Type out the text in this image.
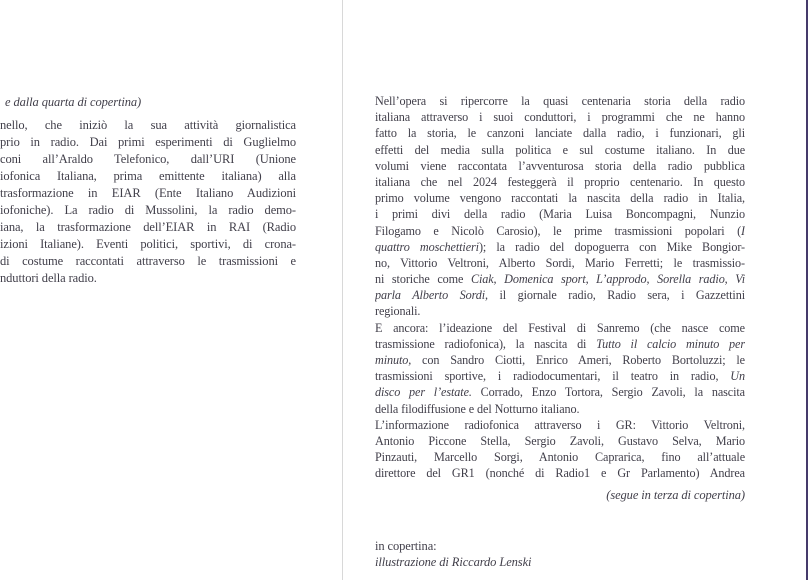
e dalla quarta di copertina)
nello, che iniziò la sua attività giornalistica
prio in radio. Dai primi esperimenti di Guglielmo
coni all’Araldo Telefonico, dall’URI (Unione
iofonica Italiana, prima emittente italiana) alla
trasformazione in EIAR (Ente Italiano Audizioni
iofoniche). La radio di Mussolini, la radio demo-
iana, la trasformazione dell’EIAR in RAI (Radio
izioni Italiane). Eventi politici, sportivi, di crona-
di costume raccontati attraverso le trasmissioni e
nduttori della radio.
Nell’opera si ripercorre la quasi centenaria storia della radio
italiana attraverso i suoi conduttori, i programmi che ne hanno
fatto la storia, le canzoni lanciate dalla radio, i funzionari, gli
effetti del media sulla politica e sul costume italiano. In due
volumi viene raccontata l’avventurosa storia della radio pubblica
italiana che nel 2024 festeggerà il proprio centenario. In questo
primo volume vengono raccontati la nascita della radio in Italia,
i primi divi della radio (Maria Luisa Boncompagni, Nunzio
Filogamo e Nicolò Carosio), le prime trasmissioni popolari (I
quattro moschettieri); la radio del dopoguerra con Mike Bongior-
no, Vittorio Veltroni, Alberto Sordi, Mario Ferretti; le trasmissio-
ni storiche come Ciak, Domenica sport, L’approdo, Sorella radio, Vi
parla Alberto Sordi, il giornale radio, Radio sera, i Gazzettini
regionali.
E ancora: l’ideazione del Festival di Sanremo (che nasce come
trasmissione radiofonica), la nascita di Tutto il calcio minuto per
minuto, con Sandro Ciotti, Enrico Ameri, Roberto Bortoluzzi; le
trasmissioni sportive, i radiodocumentari, il teatro in radio, Un
disco per l’estate. Corrado, Enzo Tortora, Sergio Zavoli, la nascita
della filodiffusione e del Notturno italiano.
L’informazione radiofonica attraverso i GR: Vittorio Veltroni,
Antonio Piccone Stella, Sergio Zavoli, Gustavo Selva, Mario
Pinzauti, Marcello Sorgi, Antonio Caprarica, fino all’attuale
direttore del GR1 (nonché di Radio1 e Gr Parlamento) Andrea
(segue in terza di copertina)
in copertina:
illustrazione di Riccardo Lenski
